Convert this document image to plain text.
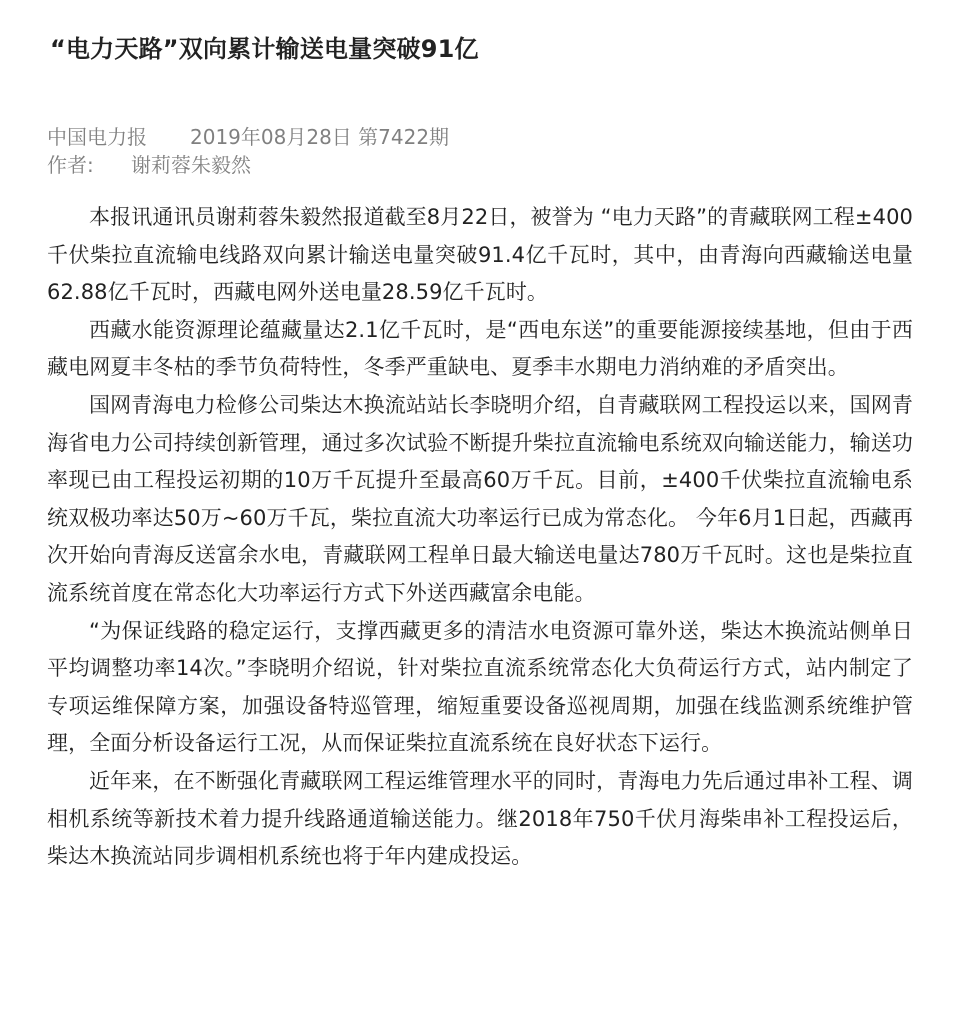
“电力天路”双向累计输送电量突破91亿
中国电力报	2019年08月28日 第7422期
作者:	谢莉蓉朱毅然

本报讯通讯员谢莉蓉朱毅然报道截至8月22日，被誉为 “电力天路”的青藏联网工程±400千伏柴拉直流输电线路双向累计输送电量突破91.4亿千瓦时，其中，由青海向西藏输送电量62.88亿千瓦时，西藏电网外送电量28.59亿千瓦时。

西藏水能资源理论蕴藏量达2.1亿千瓦时，是“西电东送”的重要能源接续基地，但由于西藏电网夏丰冬枯的季节负荷特性，冬季严重缺电、夏季丰水期电力消纳难的矛盾突出。

国网青海电力检修公司柴达木换流站站长李晓明介绍，自青藏联网工程投运以来，国网青海省电力公司持续创新管理，通过多次试验不断提升柴拉直流输电系统双向输送能力，输送功率现已由工程投运初期的10万千瓦提升至最高60万千瓦。目前，±400千伏柴拉直流输电系统双极功率达50万~60万千瓦，柴拉直流大功率运行已成为常态化。 今年6月1日起，西藏再次开始向青海反送富余水电，青藏联网工程单日最大输送电量达780万千瓦时。这也是柴拉直流系统首度在常态化大功率运行方式下外送西藏富余电能。

“为保证线路的稳定运行，支撑西藏更多的清洁水电资源可靠外送，柴达木换流站侧单日平均调整功率14次。”李晓明介绍说，针对柴拉直流系统常态化大负荷运行方式，站内制定了专项运维保障方案，加强设备特巡管理，缩短重要设备巡视周期，加强在线监测系统维护管理，全面分析设备运行工况，从而保证柴拉直流系统在良好状态下运行。

近年来，在不断强化青藏联网工程运维管理水平的同时，青海电力先后通过串补工程、调相机系统等新技术着力提升线路通道输送能力。继2018年750千伏月海柴串补工程投运后，柴达木换流站同步调相机系统也将于年内建成投运。
